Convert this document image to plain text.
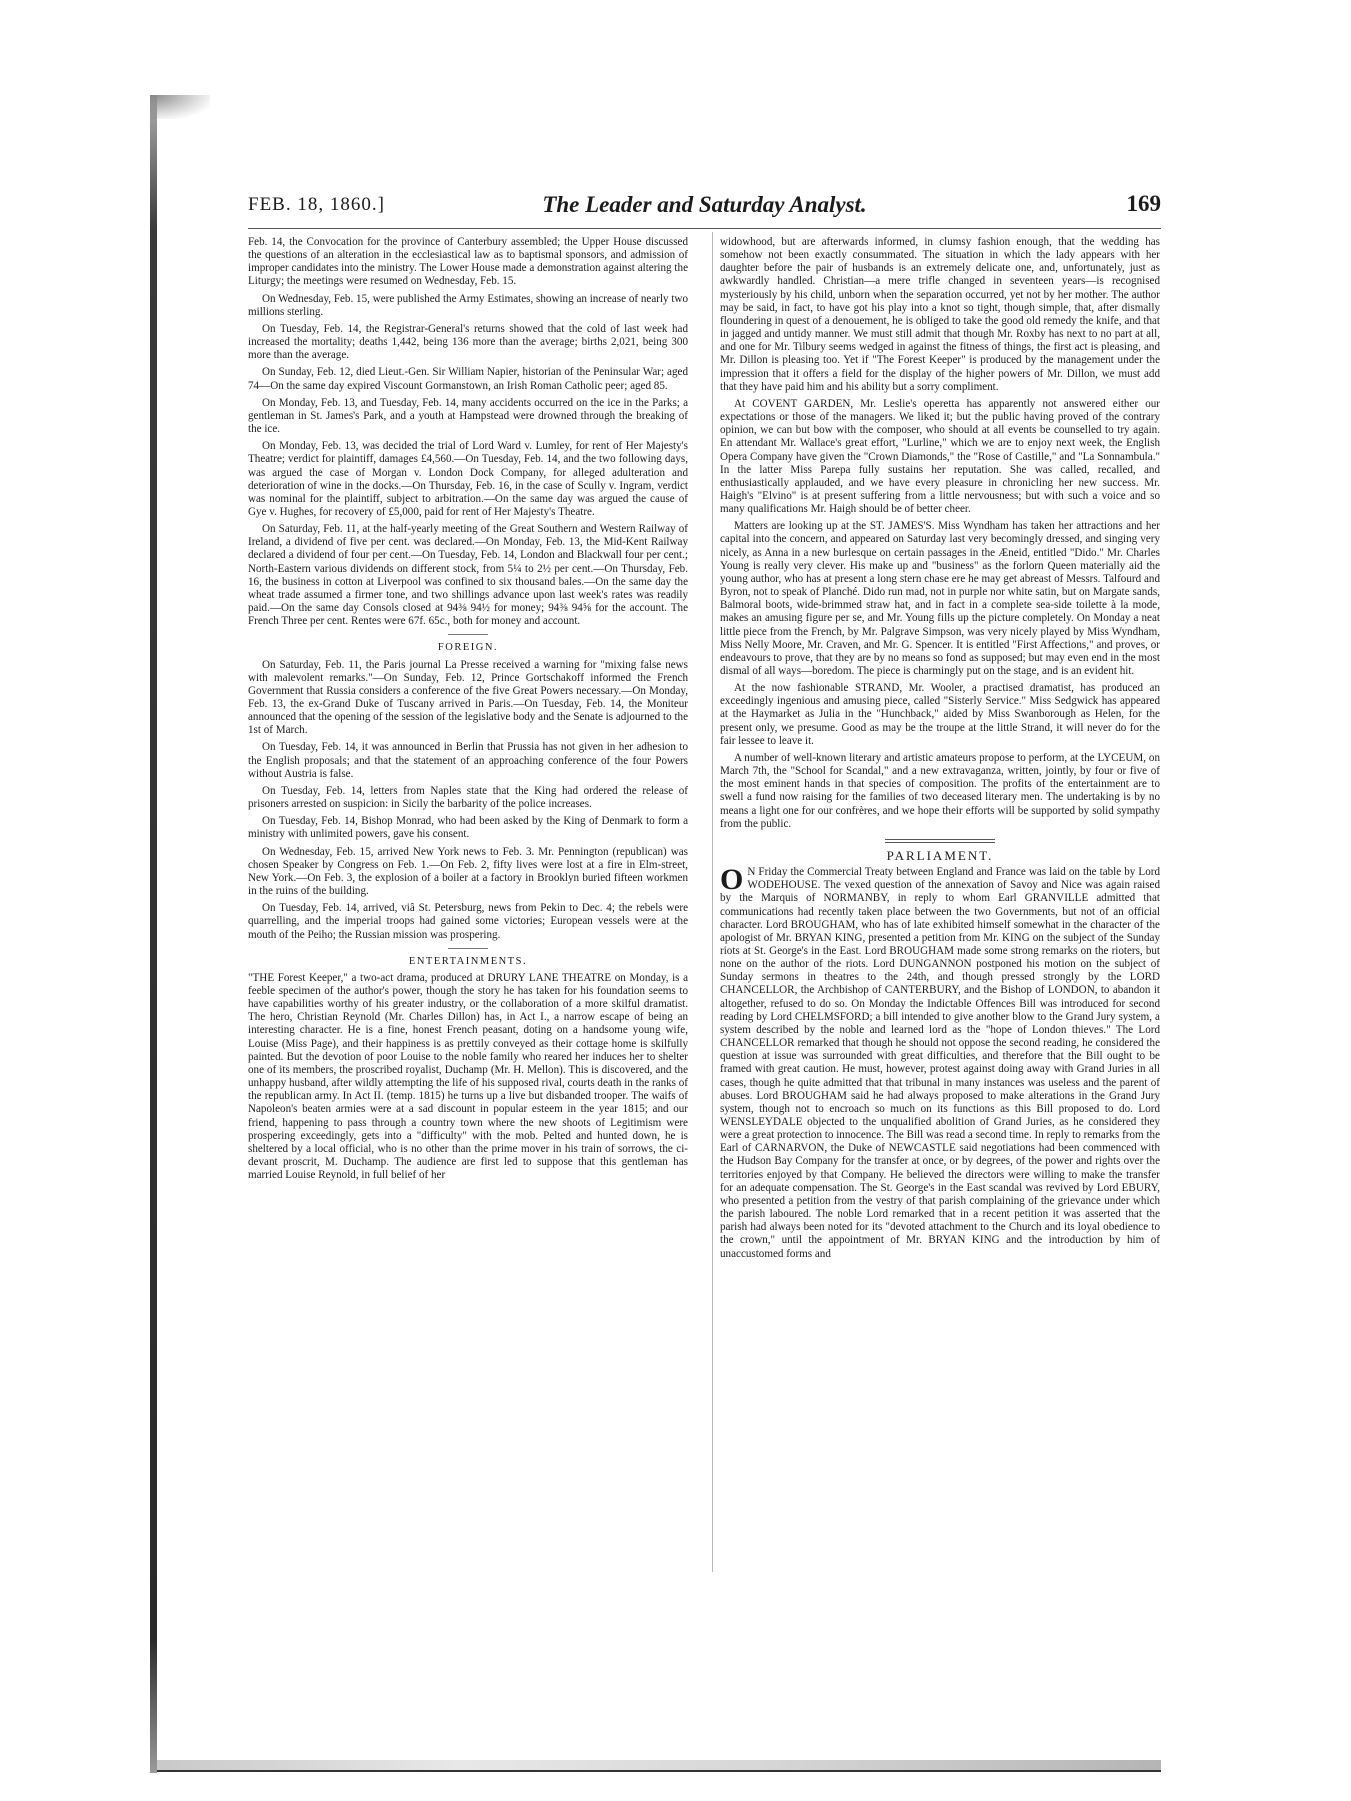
FEB. 18, 1860.]	The Leader and Saturday Analyst.	169

Feb. 14, the Convocation for the province of Canterbury assembled; the Upper House discussed the questions of an alteration in the ecclesiastical law as to baptismal sponsors, and admission of improper candidates into the ministry. The Lower House made a demonstration against altering the Liturgy; the meetings were resumed on Wednesday, Feb. 15.

On Wednesday, Feb. 15, were published the Army Estimates, showing an increase of nearly two millions sterling.

On Tuesday, Feb. 14, the Registrar-General's returns showed that the cold of last week had increased the mortality; deaths 1,442, being 136 more than the average; births 2,021, being 300 more than the average.

On Sunday, Feb. 12, died Lieut.-Gen. Sir William Napier, historian of the Peninsular War; aged 74—On the same day expired Viscount Gormanstown, an Irish Roman Catholic peer; aged 85.

On Monday, Feb. 13, and Tuesday, Feb. 14, many accidents occurred on the ice in the Parks; a gentleman in St. James's Park, and a youth at Hampstead were drowned through the breaking of the ice.

On Monday, Feb. 13, was decided the trial of Lord Ward v. Lumley, for rent of Her Majesty's Theatre; verdict for plaintiff, damages £4,560.—On Tuesday, Feb. 14, and the two following days, was argued the case of Morgan v. London Dock Company, for alleged adulteration and deterioration of wine in the docks.—On Thursday, Feb. 16, in the case of Scully v. Ingram, verdict was nominal for the plaintiff, subject to arbitration.—On the same day was argued the cause of Gye v. Hughes, for recovery of £5,000, paid for rent of Her Majesty's Theatre.

On Saturday, Feb. 11, at the half-yearly meeting of the Great Southern and Western Railway of Ireland, a dividend of five per cent. was declared.—On Monday, Feb. 13, the Mid-Kent Railway declared a dividend of four per cent.—On Tuesday, Feb. 14, London and Blackwall four per cent.; North-Eastern various dividends on different stock, from 5¼ to 2½ per cent.—On Thursday, Feb. 16, the business in cotton at Liverpool was confined to six thousand bales.—On the same day the wheat trade assumed a firmer tone, and two shillings advance upon last week's rates was readily paid.—On the same day Consols closed at 94⅜ 94½ for money; 94⅜ 94⅝ for the account. The French Three per cent. Rentes were 67f. 65c., both for money and account.

FOREIGN.

On Saturday, Feb. 11, the Paris journal La Presse received a warning for "mixing false news with malevolent remarks."—On Sunday, Feb. 12, Prince Gortschakoff informed the French Government that Russia considers a conference of the five Great Powers necessary.—On Monday, Feb. 13, the ex-Grand Duke of Tuscany arrived in Paris.—On Tuesday, Feb. 14, the Moniteur announced that the opening of the session of the legislative body and the Senate is adjourned to the 1st of March.

On Tuesday, Feb. 14, it was announced in Berlin that Prussia has not given in her adhesion to the English proposals; and that the statement of an approaching conference of the four Powers without Austria is false.

On Tuesday, Feb. 14, letters from Naples state that the King had ordered the release of prisoners arrested on suspicion: in Sicily the barbarity of the police increases.

On Tuesday, Feb. 14, Bishop Monrad, who had been asked by the King of Denmark to form a ministry with unlimited powers, gave his consent.

On Wednesday, Feb. 15, arrived New York news to Feb. 3. Mr. Pennington (republican) was chosen Speaker by Congress on Feb. 1.—On Feb. 2, fifty lives were lost at a fire in Elm-street, New York.—On Feb. 3, the explosion of a boiler at a factory in Brooklyn buried fifteen workmen in the ruins of the building.

On Tuesday, Feb. 14, arrived, viâ St. Petersburg, news from Pekin to Dec. 4; the rebels were quarrelling, and the imperial troops had gained some victories; European vessels were at the mouth of the Peiho; the Russian mission was prospering.

ENTERTAINMENTS.

"THE Forest Keeper," a two-act drama, produced at DRURY LANE THEATRE on Monday, is a feeble specimen of the author's power, though the story he has taken for his foundation seems to have capabilities worthy of his greater industry, or the collaboration of a more skilful dramatist. The hero, Christian Reynold (Mr. Charles Dillon) has, in Act I., a narrow escape of being an interesting character. He is a fine, honest French peasant, doting on a handsome young wife, Louise (Miss Page), and their happiness is as prettily conveyed as their cottage home is skilfully painted. But the devotion of poor Louise to the noble family who reared her induces her to shelter one of its members, the proscribed royalist, Duchamp (Mr. H. Mellon). This is discovered, and the unhappy husband, after wildly attempting the life of his supposed rival, courts death in the ranks of the republican army. In Act II. (temp. 1815) he turns up a live but disbanded trooper. The waifs of Napoleon's beaten armies were at a sad discount in popular esteem in the year 1815; and our friend, happening to pass through a country town where the new shoots of Legitimism were prospering exceedingly, gets into a "difficulty" with the mob. Pelted and hunted down, he is sheltered by a local official, who is no other than the prime mover in his train of sorrows, the ci-devant proscrit, M. Duchamp. The audience are first led to suppose that this gentleman has married Louise Reynold, in full belief of her

widowhood, but are afterwards informed, in clumsy fashion enough, that the wedding has somehow not been exactly consummated. The situation in which the lady appears with her daughter before the pair of husbands is an extremely delicate one, and, unfortunately, just as awkwardly handled. Christian—a mere trifle changed in seventeen years—is recognised mysteriously by his child, unborn when the separation occurred, yet not by her mother. The author may be said, in fact, to have got his play into a knot so tight, though simple, that, after dismally floundering in quest of a denouement, he is obliged to take the good old remedy the knife, and that in jagged and untidy manner. We must still admit that though Mr. Roxby has next to no part at all, and one for Mr. Tilbury seems wedged in against the fitness of things, the first act is pleasing, and Mr. Dillon is pleasing too. Yet if "The Forest Keeper" is produced by the management under the impression that it offers a field for the display of the higher powers of Mr. Dillon, we must add that they have paid him and his ability but a sorry compliment.

At COVENT GARDEN, Mr. Leslie's operetta has apparently not answered either our expectations or those of the managers. We liked it; but the public having proved of the contrary opinion, we can but bow with the composer, who should at all events be counselled to try again. En attendant Mr. Wallace's great effort, "Lurline," which we are to enjoy next week, the English Opera Company have given the "Crown Diamonds," the "Rose of Castille," and "La Sonnambula." In the latter Miss Parepa fully sustains her reputation. She was called, recalled, and enthusiastically applauded, and we have every pleasure in chronicling her new success. Mr. Haigh's "Elvino" is at present suffering from a little nervousness; but with such a voice and so many qualifications Mr. Haigh should be of better cheer.

Matters are looking up at the ST. JAMES'S. Miss Wyndham has taken her attractions and her capital into the concern, and appeared on Saturday last very becomingly dressed, and singing very nicely, as Anna in a new burlesque on certain passages in the Æneid, entitled "Dido." Mr. Charles Young is really very clever. His make up and "business" as the forlorn Queen materially aid the young author, who has at present a long stern chase ere he may get abreast of Messrs. Talfourd and Byron, not to speak of Planché. Dido run mad, not in purple nor white satin, but on Margate sands, Balmoral boots, wide-brimmed straw hat, and in fact in a complete sea-side toilette à la mode, makes an amusing figure per se, and Mr. Young fills up the picture completely. On Monday a neat little piece from the French, by Mr. Palgrave Simpson, was very nicely played by Miss Wyndham, Miss Nelly Moore, Mr. Craven, and Mr. G. Spencer. It is entitled "First Affections," and proves, or endeavours to prove, that they are by no means so fond as supposed; but may even end in the most dismal of all ways—boredom. The piece is charmingly put on the stage, and is an evident hit.

At the now fashionable STRAND, Mr. Wooler, a practised dramatist, has produced an exceedingly ingenious and amusing piece, called "Sisterly Service." Miss Sedgwick has appeared at the Haymarket as Julia in the "Hunchback," aided by Miss Swanborough as Helen, for the present only, we presume. Good as may be the troupe at the little Strand, it will never do for the fair lessee to leave it.

A number of well-known literary and artistic amateurs propose to perform, at the LYCEUM, on March 7th, the "School for Scandal," and a new extravaganza, written, jointly, by four or five of the most eminent hands in that species of composition. The profits of the entertainment are to swell a fund now raising for the families of two deceased literary men. The undertaking is by no means a light one for our confrères, and we hope their efforts will be supported by solid sympathy from the public.

PARLIAMENT.

O N Friday the Commercial Treaty between England and France was laid on the table by Lord WODEHOUSE. The vexed question of the annexation of Savoy and Nice was again raised by the Marquis of NORMANBY, in reply to whom Earl GRANVILLE admitted that communications had recently taken place between the two Governments, but not of an official character. Lord BROUGHAM, who has of late exhibited himself somewhat in the character of the apologist of Mr. BRYAN KING, presented a petition from Mr. KING on the subject of the Sunday riots at St. George's in the East. Lord BROUGHAM made some strong remarks on the rioters, but none on the author of the riots. Lord DUNGANNON postponed his motion on the subject of Sunday sermons in theatres to the 24th, and though pressed strongly by the LORD CHANCELLOR, the Archbishop of CANTERBURY, and the Bishop of LONDON, to abandon it altogether, refused to do so. On Monday the Indictable Offences Bill was introduced for second reading by Lord CHELMSFORD; a bill intended to give another blow to the Grand Jury system, a system described by the noble and learned lord as the "hope of London thieves." The Lord CHANCELLOR remarked that though he should not oppose the second reading, he considered the question at issue was surrounded with great difficulties, and therefore that the Bill ought to be framed with great caution. He must, however, protest against doing away with Grand Juries in all cases, though he quite admitted that that tribunal in many instances was useless and the parent of abuses. Lord BROUGHAM said he had always proposed to make alterations in the Grand Jury system, though not to encroach so much on its functions as this Bill proposed to do. Lord WENSLEYDALE objected to the unqualified abolition of Grand Juries, as he considered they were a great protection to innocence. The Bill was read a second time. In reply to remarks from the Earl of CARNARVON, the Duke of NEWCASTLE said negotiations had been commenced with the Hudson Bay Company for the transfer at once, or by degrees, of the power and rights over the territories enjoyed by that Company. He believed the directors were willing to make the transfer for an adequate compensation. The St. George's in the East scandal was revived by Lord EBURY, who presented a petition from the vestry of that parish complaining of the grievance under which the parish laboured. The noble Lord remarked that in a recent petition it was asserted that the parish had always been noted for its "devoted attachment to the Church and its loyal obedience to the crown," until the appointment of Mr. BRYAN KING and the introduction by him of unaccustomed forms and
